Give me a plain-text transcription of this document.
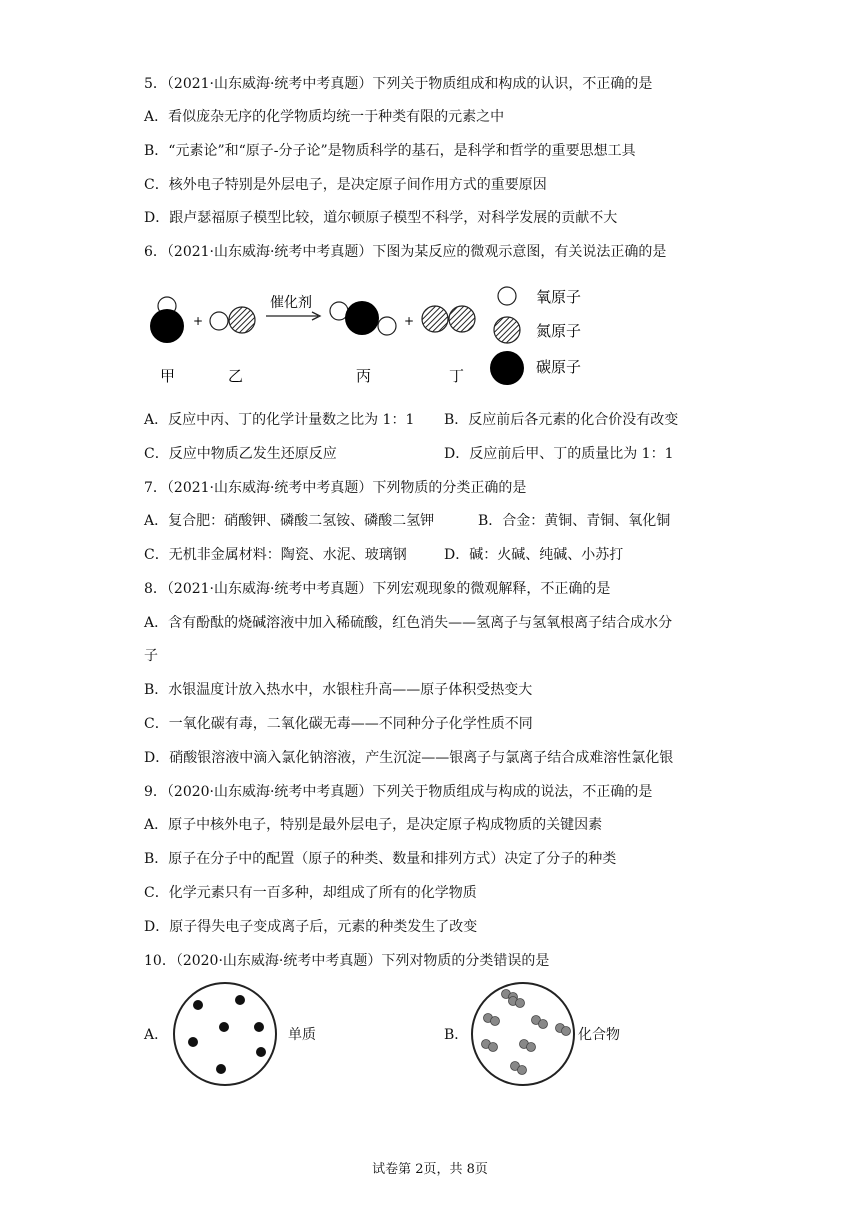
5．（2021·山东威海·统考中考真题）下列关于物质组成和构成的认识，不正确的是
A．看似庞杂无序的化学物质均统一于种类有限的元素之中
B．“元素论”和“原子-分子论”是物质科学的基石，是科学和哲学的重要思想工具
C．核外电子特别是外层电子，是决定原子间作用方式的重要原因
D．跟卢瑟福原子模型比较，道尔顿原子模型不科学，对科学发展的贡献不大
6．（2021·山东威海·统考中考真题）下图为某反应的微观示意图，有关说法正确的是
+
催化剂
+
氧原子
氮原子
碳原子
甲	乙	丙	丁
A．反应中丙、丁的化学计量数之比为 1：1 B．反应前后各元素的化合价没有改变
C．反应中物质乙发生还原反应	D．反应前后甲、丁的质量比为 1：1
7．（2021·山东威海·统考中考真题）下列物质的分类正确的是
A．复合肥：硝酸钾、磷酸二氢铵、磷酸二氢钾	B．合金：黄铜、青铜、氧化铜
C．无机非金属材料：陶瓷、水泥、玻璃钢	D．碱：火碱、纯碱、小苏打
8．（2021·山东威海·统考中考真题）下列宏观现象的微观解释，不正确的是
A．含有酚酞的烧碱溶液中加入稀硫酸，红色消失——氢离子与氢氧根离子结合成水分
子
B．水银温度计放入热水中，水银柱升高——原子体积受热变大
C．一氧化碳有毒，二氧化碳无毒——不同种分子化学性质不同
D．硝酸银溶液中滴入氯化钠溶液，产生沉淀——银离子与氯离子结合成难溶性氯化银
9．（2020·山东威海·统考中考真题）下列关于物质组成与构成的说法，不正确的是
A．原子中核外电子，特别是最外层电子，是决定原子构成物质的关键因素
B．原子在分子中的配置（原子的种类、数量和排列方式）决定了分子的种类
C．化学元素只有一百多种，却组成了所有的化学物质
D．原子得失电子变成离子后，元素的种类发生了改变
10．（2020·山东威海·统考中考真题）下列对物质的分类错误的是
A．	单质	B．	化合物
试卷第 2页，共 8页
